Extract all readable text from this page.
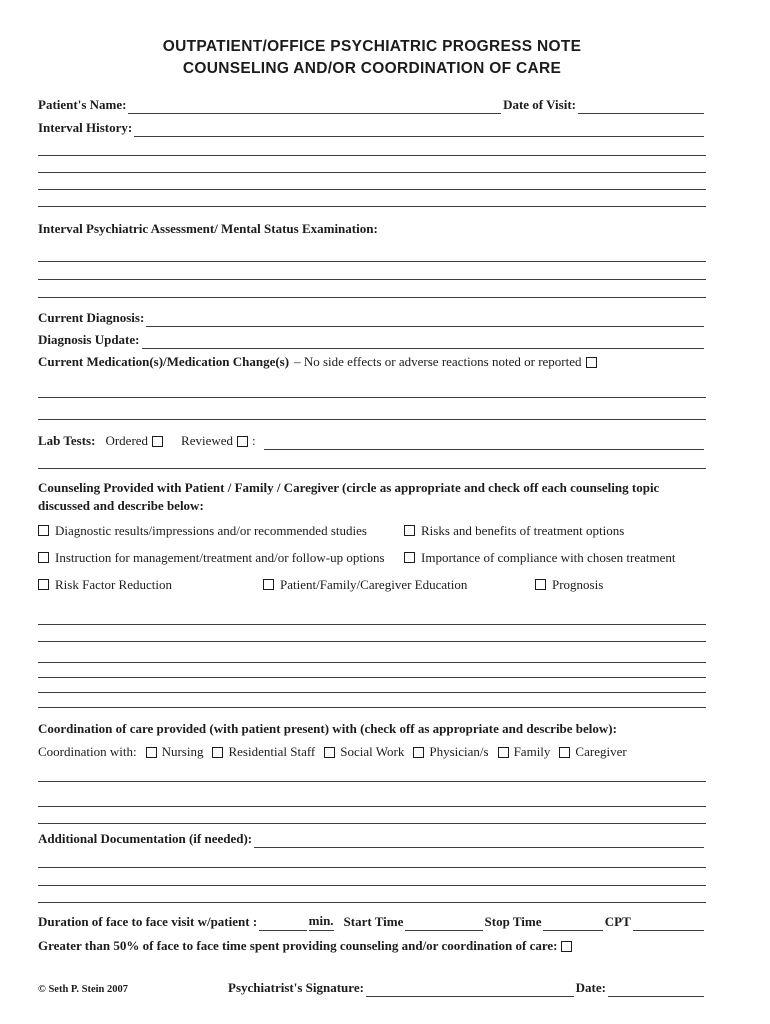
OUTPATIENT/OFFICE PSYCHIATRIC PROGRESS NOTE
COUNSELING AND/OR COORDINATION OF CARE
Patient's Name:	Date of Visit:
Interval History:
Interval Psychiatric Assessment/ Mental Status Examination:
Current Diagnosis:
Diagnosis Update:
Current Medication(s)/Medication Change(s) – No side effects or adverse reactions noted or reported
Lab Tests: Ordered	Reviewed :
Counseling Provided with Patient / Family / Caregiver (circle as appropriate and check off each counseling topic discussed and describe below:
Diagnostic results/impressions and/or recommended studies	Risks and benefits of treatment options
Instruction for management/treatment and/or follow-up options	Importance of compliance with chosen treatment
Risk Factor Reduction	Patient/Family/Caregiver Education	Prognosis
Coordination of care provided (with patient present) with (check off as appropriate and describe below):
Coordination with: Nursing Residential Staff Social Work Physician/s Family Caregiver
Additional Documentation (if needed):
Duration of face to face visit w/patient :	min. Start Time	Stop Time	CPT
Greater than 50% of face to face time spent providing counseling and/or coordination of care:
© Seth P. Stein 2007	Psychiatrist's Signature:	Date:
